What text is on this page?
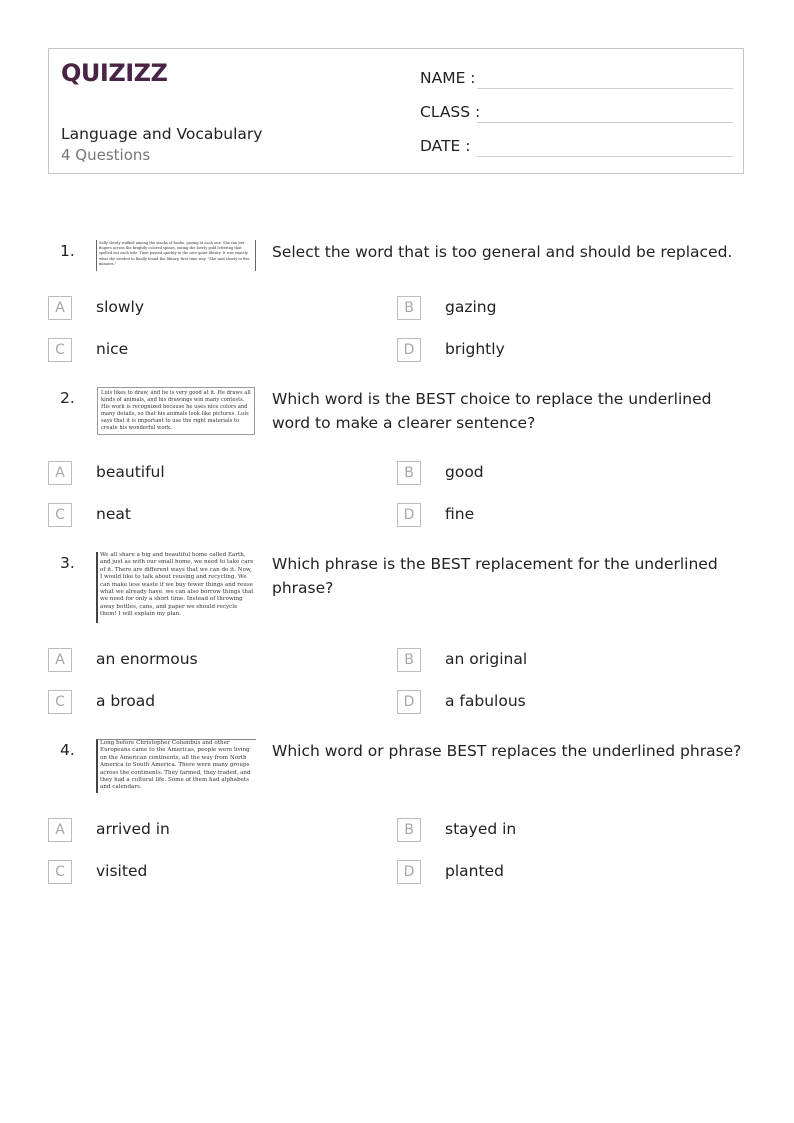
QUIZIZZ
Language and Vocabulary
4 Questions
NAME :
CLASS :
DATE :
1.	Sally slowly walked among the stacks of books, gazing at each one. She ran her fingers across the brightly colored spines, eating the lovely gold lettering that spelled out each title. Time passed quickly in the nice quiet library. It was exactly what she needed to finally found the library, first time way. "She said slowly to five minutes."
Select the word that is too general and should be replaced.
A	slowly	B	gazing
C	nice	D	brightly
2.	Luis likes to draw, and he is very good at it. He draws all kinds of animals, and his drawings win many contests. His work is recognized because he uses nice colors and many details, so that his animals look like pictures. Luis says that it is important to use the right materials to create his wonderful work.
Which word is the BEST choice to replace the underlined word to make a clearer sentence?
A	beautiful	B	good
C	neat	D	fine
3.	We all share a big and beautiful home called Earth, and just as with our small home, we need to take care of it. There are different ways that we can do it. Now, I would like to talk about reusing and recycling. We can make less waste if we buy fewer things and reuse what we already have. we can also borrow things that we need for only a short time. Instead of throwing away bottles, cans, and paper we should recycle them! I will explain my plan.
Which phrase is the BEST replacement for the underlined phrase?
A	an enormous	B	an original
C	a broad	D	a fabulous
4.	Long before Christopher Columbus and other Europeans came to the Americas, people were living on the American continents, all the way from North America to South America. There were many groups across the continents. They farmed, they traded, and they had a cultural life. Some of them had alphabets and calendars.
Which word or phrase BEST replaces the underlined phrase?
A	arrived in	B	stayed in
C	visited	D	planted
